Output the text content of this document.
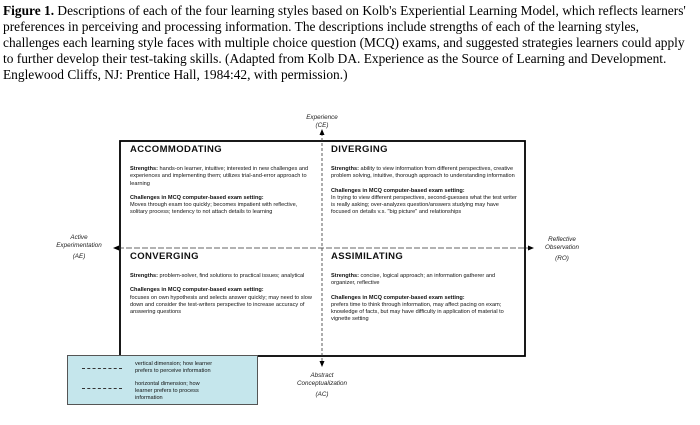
Figure 1. Descriptions of each of the four learning styles based on Kolb's Experiential Learning Model, which reflects learners' preferences in perceiving and processing information. The descriptions include strengths of each of the learning styles, challenges each learning style faces with multiple choice question (MCQ) exams, and suggested strategies learners could apply to further develop their test-taking skills. (Adapted from Kolb DA. Experience as the Source of Learning and Development. Englewood Cliffs, NJ: Prentice Hall, 1984:42, with permission.)
Experience
(CE)
Abstract
Conceptualization
(AC)
Active
Experimentation
(AE)
Reflective
Observation
(RO)
ACCOMMODATING
Strengths: hands-on learner, intuitive; interested in new challenges and experiences and implementing them; utilizes trial-and-error approach to learning
Challenges in MCQ computer-based exam setting:
Moves through exam too quickly; becomes impatient with reflective, solitary process; tendency to not attach details to learning
DIVERGING
Strengths: ability to view information from different perspectives, creative problem solving, intuitive, thorough approach to understanding information
Challenges in MCQ computer-based exam setting:
In trying to view different perspectives, second-guesses what the test writer is really asking; over-analyzes question/answers studying may have focused on details v.s. "big picture" and relationships
CONVERGING
Strengths: problem-solver, find solutions to practical issues; analytical
Challenges in MCQ computer-based exam setting:
focuses on own hypothesis and selects answer quickly; may need to slow down and consider the test-writers perspective to increase accuracy of answering questions
ASSIMILATING
Strengths: concise, logical approach; an information gatherer and organizer, reflective
Challenges in MCQ computer-based exam setting:
prefers time to think through information, may affect pacing on exam; knowledge of facts, but may have difficulty in application of material to vignette setting
vertical dimension; how learner
prefers to perceive information
horizontal dimension; how
learner prefers to process
information
